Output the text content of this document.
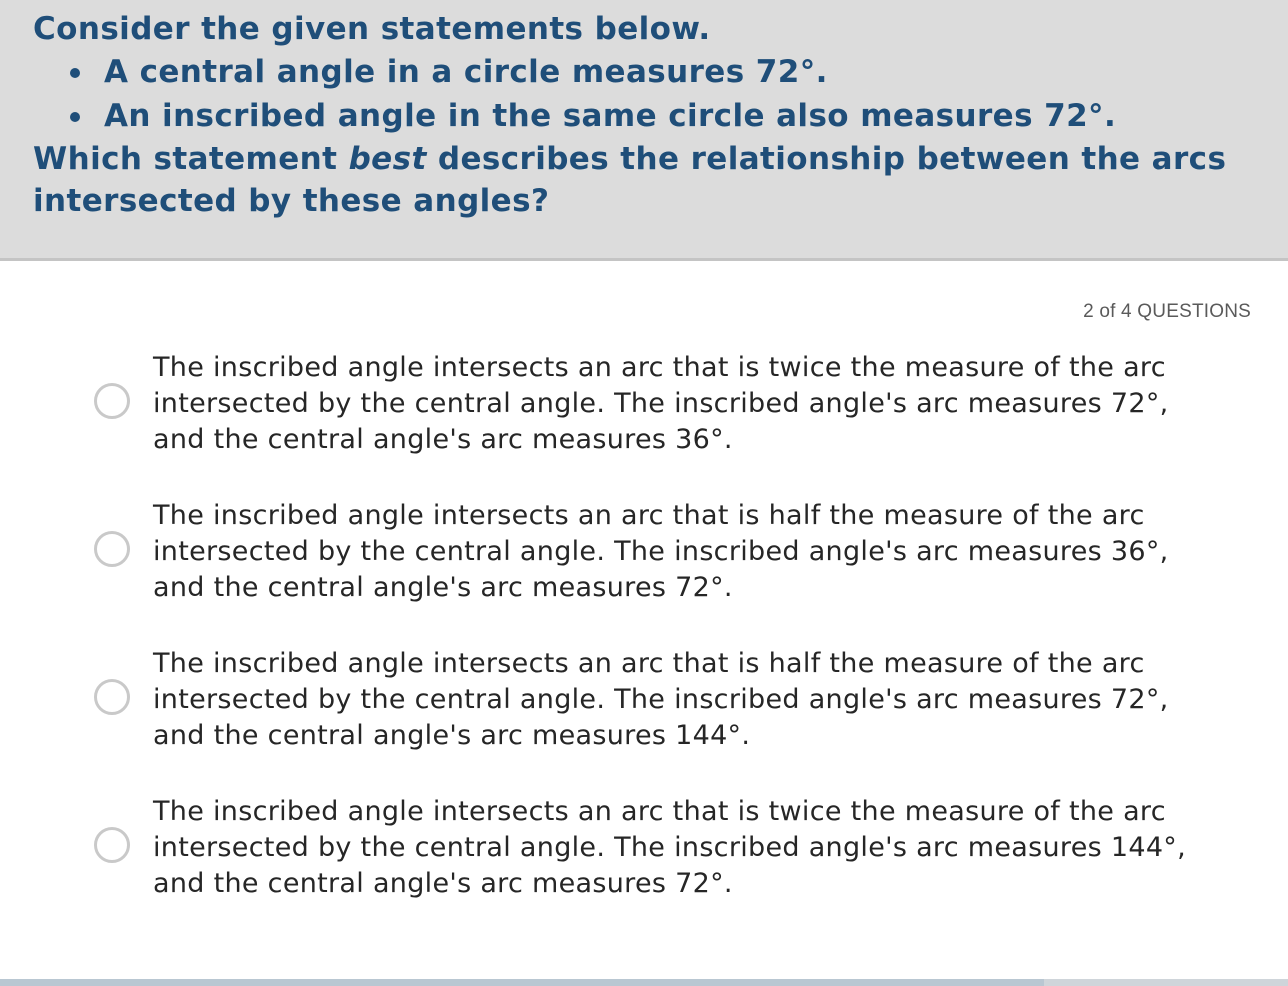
Consider the given statements below.
A central angle in a circle measures 72°.
An inscribed angle in the same circle also measures 72°.
Which statement best describes the relationship between the arcs
intersected by these angles?
2 of 4 QUESTIONS
The inscribed angle intersects an arc that is twice the measure of the arc
intersected by the central angle. The inscribed angle's arc measures 72°,
and the central angle's arc measures 36°.
The inscribed angle intersects an arc that is half the measure of the arc
intersected by the central angle. The inscribed angle's arc measures 36°,
and the central angle's arc measures 72°.
The inscribed angle intersects an arc that is half the measure of the arc
intersected by the central angle. The inscribed angle's arc measures 72°,
and the central angle's arc measures 144°.
The inscribed angle intersects an arc that is twice the measure of the arc
intersected by the central angle. The inscribed angle's arc measures 144°,
and the central angle's arc measures 72°.
